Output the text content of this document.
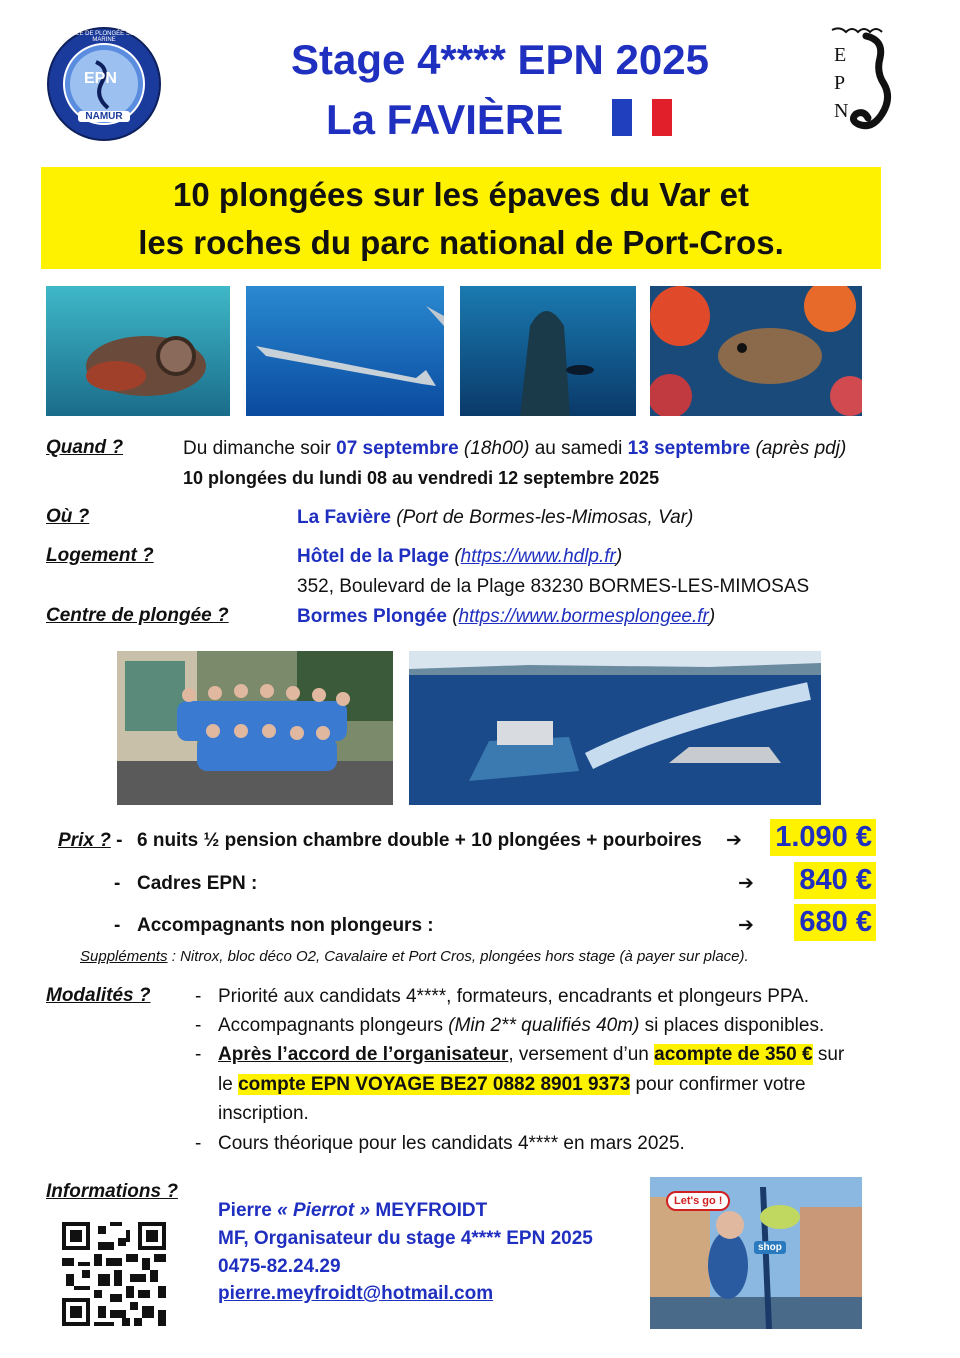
EPN
NAMUR
ÉCOLE DE PLONGÉE SOUS-MARINE	Stage 4**** EPN 2025
La FAVIÈRE
E
P
N
10 plongées sur les épaves du Var et
les roches du parc national de Port-Cros.
Quand ?	Du dimanche soir 07 septembre (18h00) au samedi 13 septembre (après pdj)
10 plongées du lundi 08 au vendredi 12 septembre 2025
Où ?	La Favière (Port de Bormes-les-Mimosas, Var)
Logement ?	Hôtel de la Plage (https://www.hdlp.fr)
352, Boulevard de la Plage 83230 BORMES-LES-MIMOSAS
Centre de plongée ?	Bormes Plongée (https://www.bormesplongee.fr)
Prix ? - 6 nuits ½ pension chambre double + 10 plongées + pourboires ➔ 1.090 €
- Cadres EPN :	➔ 840 €
- Accompagnants non plongeurs :	➔ 680 €
Suppléments : Nitrox, bloc déco O2, Cavalaire et Port Cros, plongées hors stage (à payer sur place).
Modalités ? - Priorité aux candidats 4****, formateurs, encadrants et plongeurs PPA.
- Accompagnants plongeurs (Min 2** qualifiés 40m) si places disponibles.
- Après l’accord de l’organisateur, versement d’un acompte de 350 € sur
le compte EPN VOYAGE BE27 0882 8901 9373 pour confirmer votre
inscription.
- Cours théorique pour les candidats 4**** en mars 2025.
Informations ?
Pierre « Pierrot » MEYFROIDT
MF, Organisateur du stage 4**** EPN 2025
0475-82.24.29
pierre.meyfroidt@hotmail.com
Let's go !
shop
